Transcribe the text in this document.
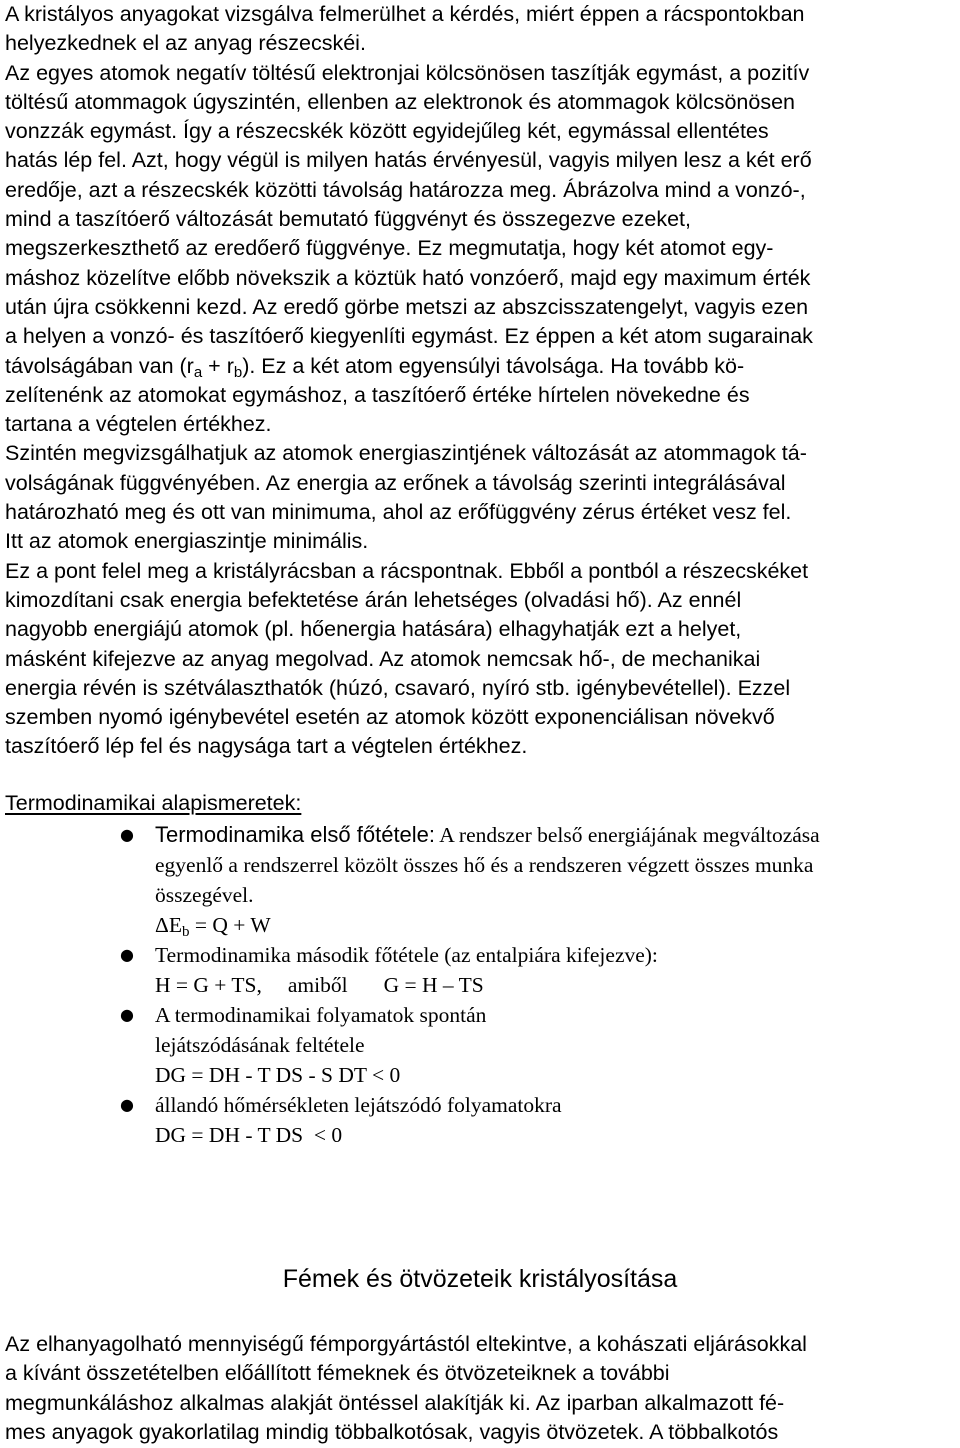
A kristályos anyagokat vizsgálva felmerülhet a kérdés, miért éppen a rácspontokban
helyezkednek el az anyag részecskéi.
Az egyes atomok negatív töltésű elektronjai kölcsönösen taszítják egymást, a pozitív
töltésű atommagok úgyszintén, ellenben az elektronok és atommagok kölcsönösen
vonzzák egymást. Így a részecskék között egyidejűleg két, egymással ellentétes
hatás lép fel. Azt, hogy végül is milyen hatás érvényesül, vagyis milyen lesz a két erő
eredője, azt a részecskék közötti távolság határozza meg. Ábrázolva mind a vonzó-,
mind a taszítóerő változását bemutató függvényt és összegezve ezeket,
megszerkeszthető az eredőerő függvénye. Ez megmutatja, hogy két atomot egy-
máshoz közelítve előbb növekszik a köztük ható vonzóerő, majd egy maximum érték
után újra csökkenni kezd. Az eredő görbe metszi az abszcisszatengelyt, vagyis ezen
a helyen a vonzó- és taszítóerő kiegyenlíti egymást. Ez éppen a két atom sugarainak
távolságában van $(r_a + r_b)$. Ez a két atom egyensúlyi távolsága. Ha tovább kö-
zelítenénk az atomokat egymáshoz, a taszítóerő értéke hírtelen növekedne és
tartana a végtelen értékhez.
Szintén megvizsgálhatjuk az atomok energiaszintjének változását az atommagok tá-
volságának függvényében. Az energia az erőnek a távolság szerinti integrálásával
határozható meg és ott van minimuma, ahol az erőfüggvény zérus értéket vesz fel.
Itt az atomok energiaszintje minimális.
Ez a pont felel meg a kristályrácsban a rácspontnak. Ebből a pontból a részecskéket
kimozdítani csak energia befektetése árán lehetséges (olvadási hő). Az ennél
nagyobb energiájú atomok (pl. hőenergia hatására) elhagyhatják ezt a helyet,
másként kifejezve az anyag megolvad. Az atomok nemcsak hő-, de mechanikai
energia révén is szétválaszthatók (húzó, csavaró, nyíró stb. igénybevétellel). Ezzel
szemben nyomó igénybevétel esetén az atomok között exponenciálisan növekvő
taszítóerő lép fel és nagysága tart a végtelen értékhez.

Termodinamikai alapismeretek:
● Termodinamika első főtétele: A rendszer belső energiájának megváltozása
egyenlő a rendszerrel közölt összes hő és a rendszeren végzett összes munka
összegével.
$\Delta E_b = Q + W$
● Termodinamika második főtétele (az entalpiára kifejezve):
H = G + TS, amiből G = H – TS
● A termodinamikai folyamatok spontán
lejátszódásának feltétele
DG = DH - T DS - S DT < 0
● állandó hőmérsékleten lejátszódó folyamatokra
DG = DH - T DS  < 0
Fémek és ötvözeteik kristályosítása

Az elhanyagolható mennyiségű fémporgyártástól eltekintve, a kohászati eljárásokkal
a kívánt összetételben előállított fémeknek és ötvözeteiknek a további
megmunkáláshoz alkalmas alakját öntéssel alakítják ki. Az iparban alkalmazott fé-
mes anyagok gyakorlatilag mindig többalkotósak, vagyis ötvözetek. A többalkotós
